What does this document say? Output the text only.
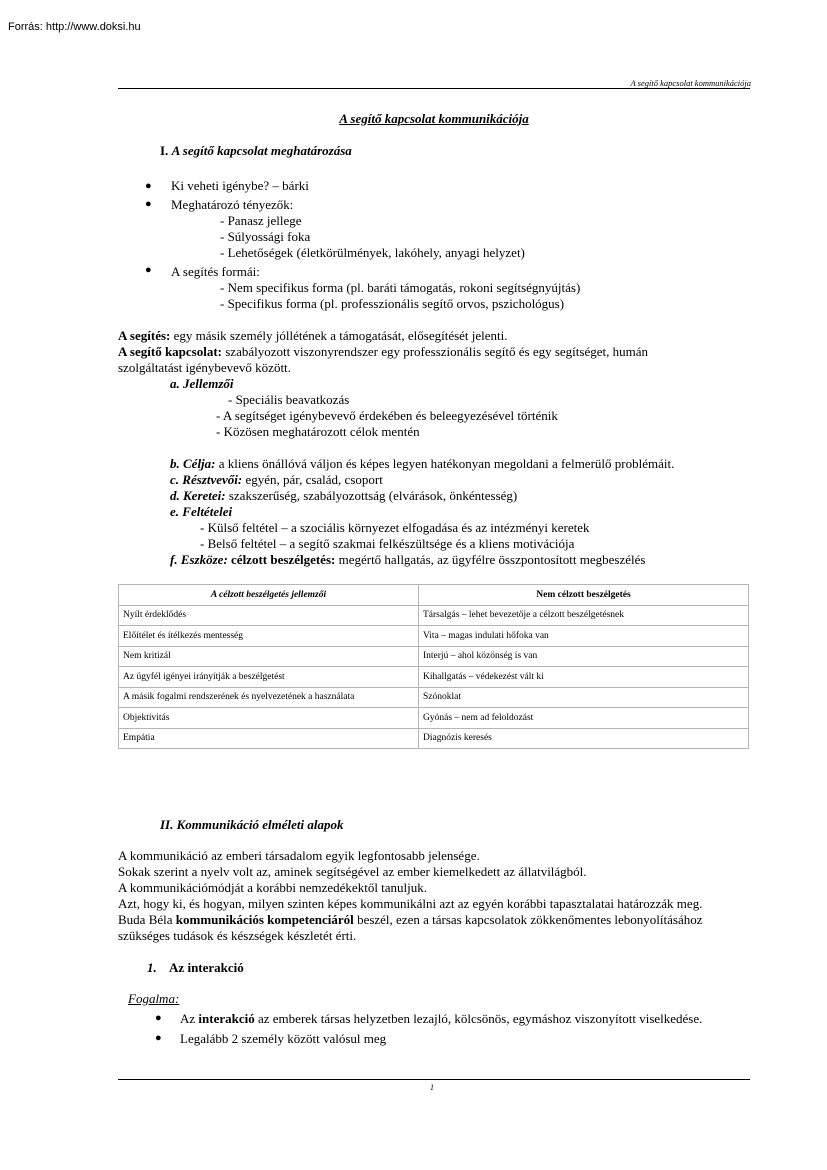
Forrás: http://www.doksi.hu
A segítő kapcsolat kommunikációja
A segítő kapcsolat kommunikációja
I. A segítő kapcsolat meghatározása
● Ki veheti igénybe? – bárki
● Meghatározó tényezők:
- Panasz jellege
- Súlyossági foka
- Lehetőségek (életkörülmények, lakóhely, anyagi helyzet)
● A segítés formái:
- Nem specifikus forma (pl. baráti támogatás, rokoni segítségnyújtás)
- Specifikus forma (pl. professzionális segítő orvos, pszichológus)
A segítés: egy másik személy jóllétének a támogatását, elősegítését jelenti.
A segítő kapcsolat: szabályozott viszonyrendszer egy professzionális segítő és egy segítséget, humán
szolgáltatást igénybevevő között.
a. Jellemzői
- Speciális beavatkozás
- A segítséget igénybevevő érdekében és beleegyezésével történik
- Közösen meghatározott célok mentén
b. Célja: a kliens önállóvá váljon és képes legyen hatékonyan megoldani a felmerülő problémáit.
c. Résztvevői: egyén, pár, család, csoport
d. Keretei: szakszerűség, szabályozottság (elvárások, önkéntesség)
e. Feltételei
- Külső feltétel – a szociális környezet elfogadása és az intézményi keretek
- Belső feltétel – a segítő szakmai felkészültsége és a kliens motivációja
f. Eszköze: célzott beszélgetés: megértő hallgatás, az ügyfélre összpontosított megbeszélés
A célzott beszélgetés jellemzői	Nem célzott beszélgetés
Nyílt érdeklődés	Társalgás – lehet bevezetője a célzott beszélgetésnek
Előítélet és ítélkezés mentesség	Vita – magas indulati hőfoka van
Nem kritizál	Interjú – ahol közönség is van
Az ügyfél igényei irányítják a beszélgetést	Kihallgatás – védekezést vált ki
A másik fogalmi rendszerének és nyelvezetének a használata	Szónoklat
Objektivitás	Gyónás – nem ad feloldozást
Empátia	Diagnózis keresés
II. Kommunikáció elméleti alapok
A kommunikáció az emberi társadalom egyik legfontosabb jelensége.
Sokak szerint a nyelv volt az, aminek segítségével az ember kiemelkedett az állatvilágból.
A kommunikációmódját a korábbi nemzedékektől tanuljuk.
Azt, hogy ki, és hogyan, milyen szinten képes kommunikálni azt az egyén korábbi tapasztalatai határozzák meg.
Buda Béla kommunikációs kompetenciáról beszél, ezen a társas kapcsolatok zökkenőmentes lebonyolításához
szükséges tudások és készségek készletét érti.
1. Az interakció
Fogalma:
● Az interakció az emberek társas helyzetben lezajló, kölcsönös, egymáshoz viszonyított viselkedése.
● Legalább 2 személy között valósul meg
1
